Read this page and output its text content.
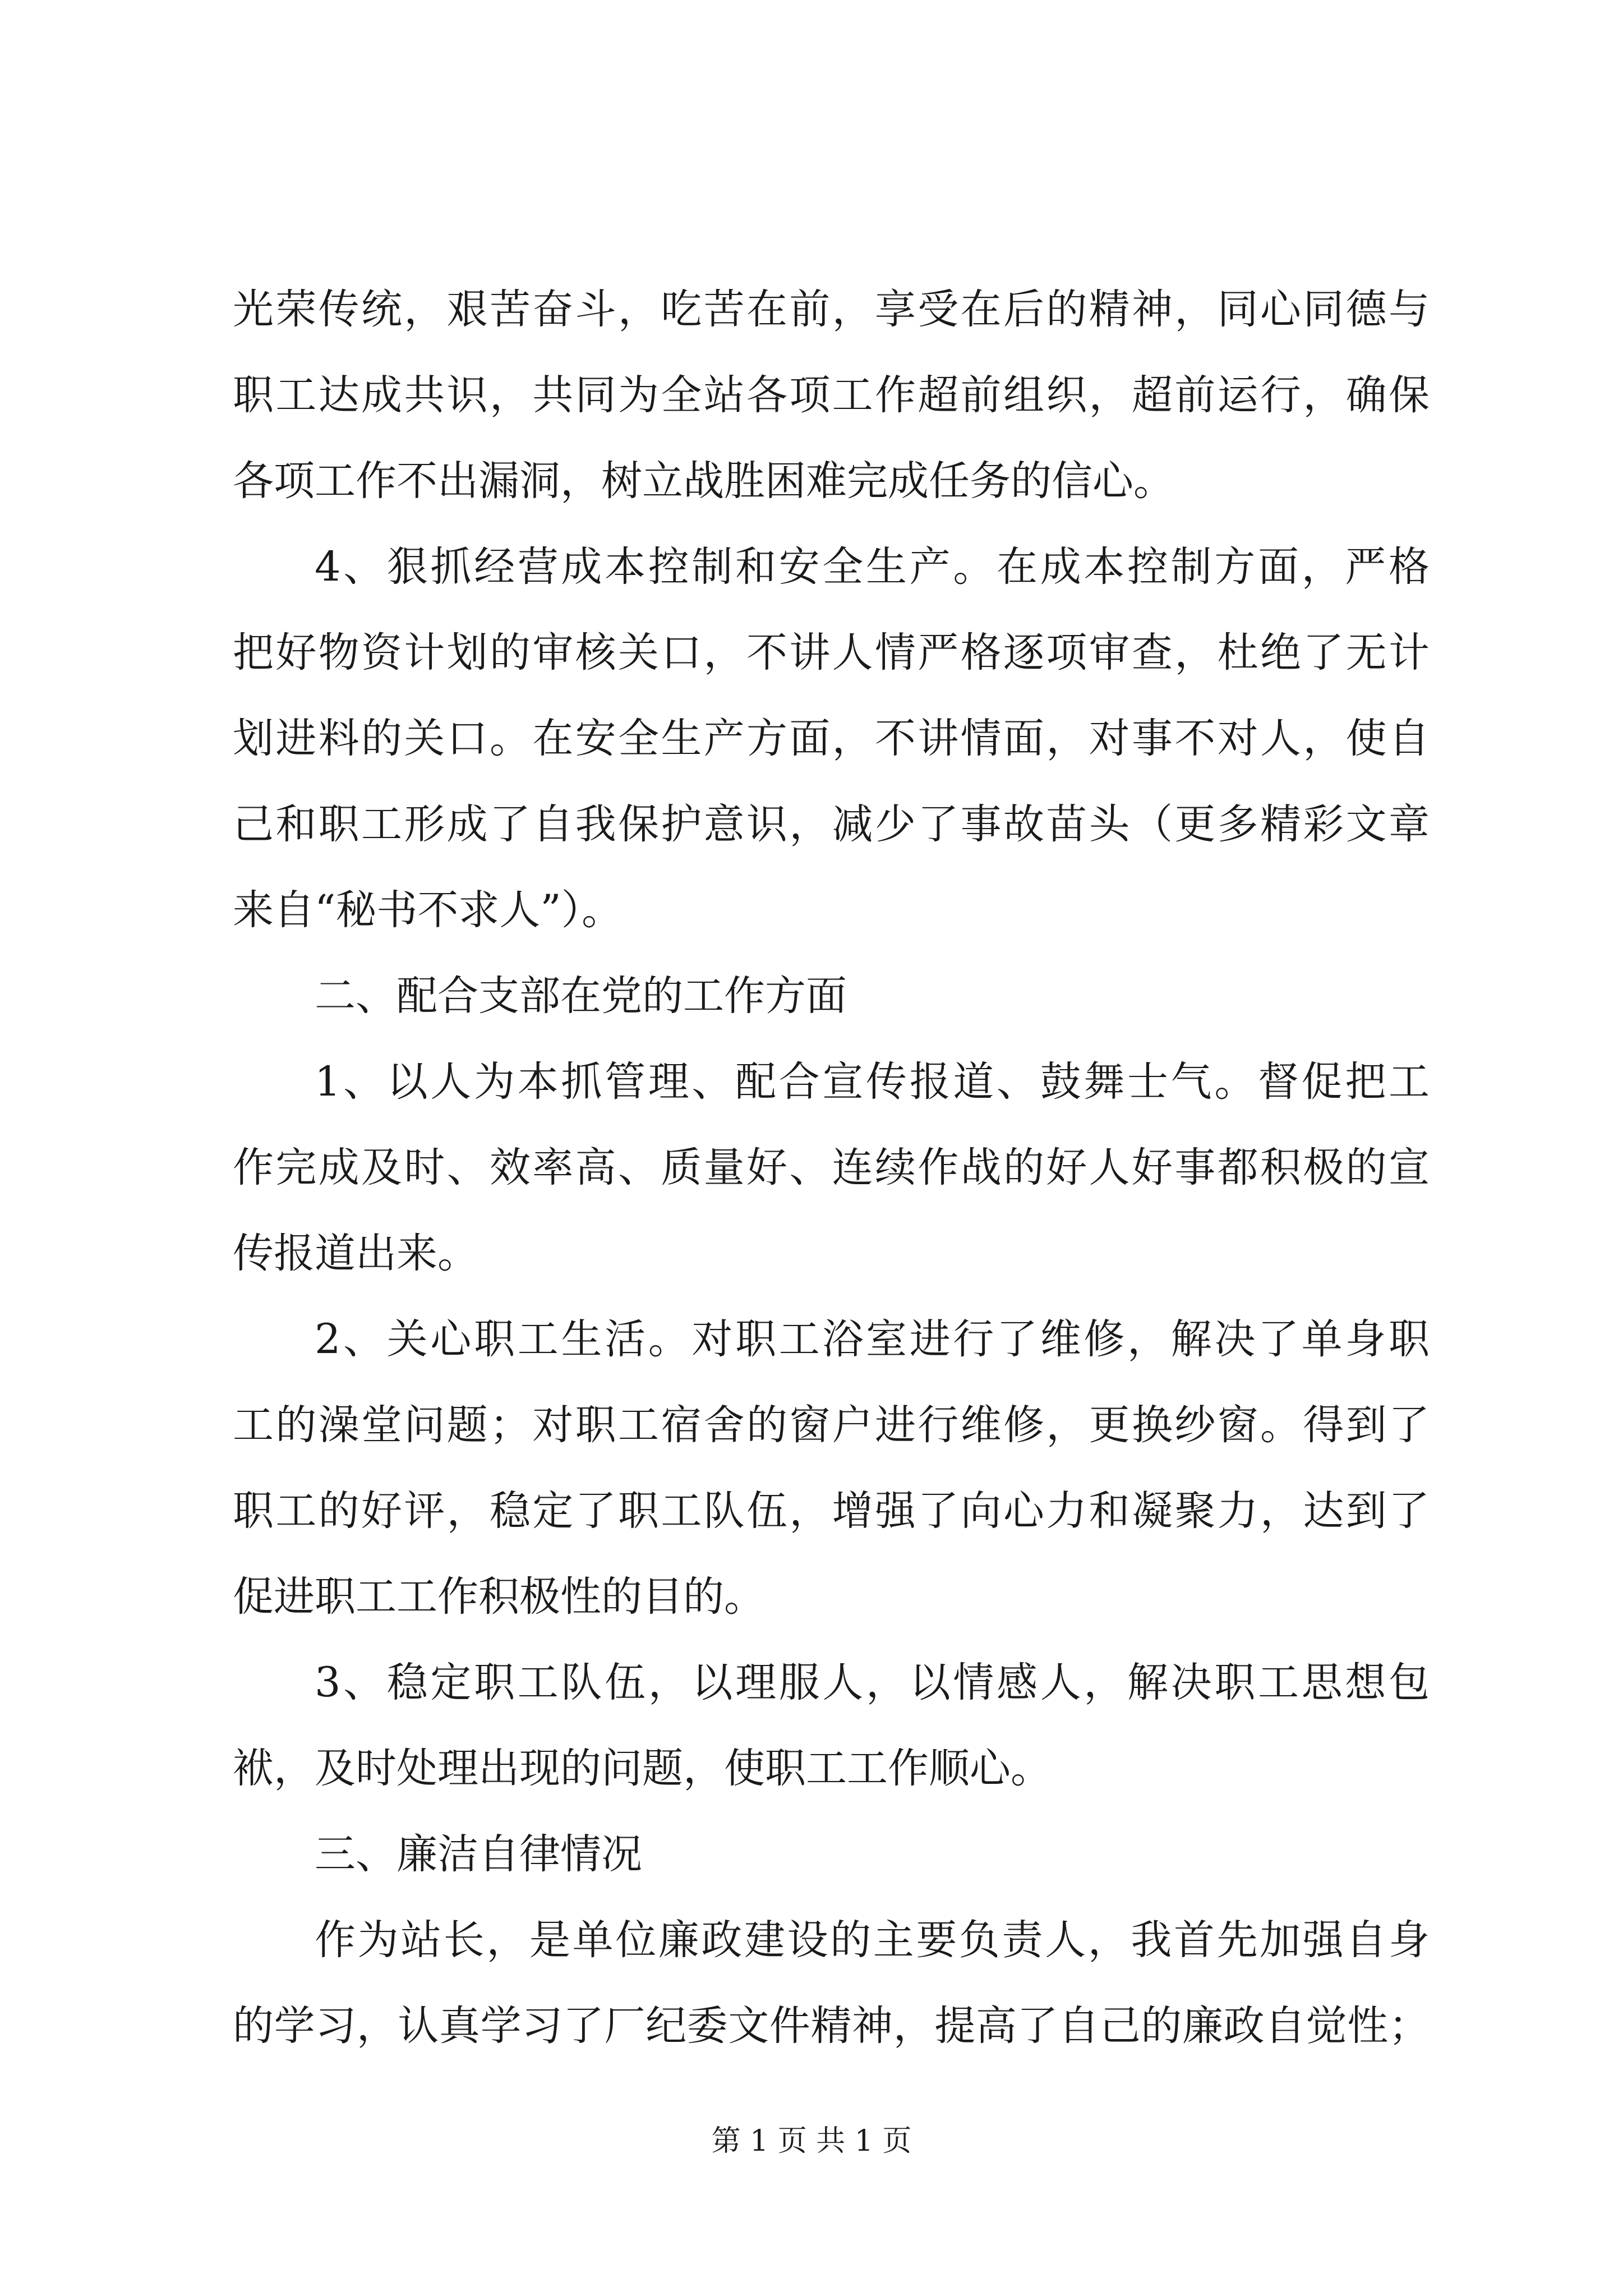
光荣传统，艰苦奋斗，吃苦在前，享受在后的精神，同心同德与
职工达成共识，共同为全站各项工作超前组织，超前运行，确保
各项工作不出漏洞，树立战胜困难完成任务的信心。
4、狠抓经营成本控制和安全生产。在成本控制方面，严格
把好物资计划的审核关口，不讲人情严格逐项审查，杜绝了无计
划进料的关口。在安全生产方面，不讲情面，对事不对人，使自
己和职工形成了自我保护意识，减少了事故苗头（更多精彩文章
来自“秘书不求人”）。
二、配合支部在党的工作方面
1、以人为本抓管理、配合宣传报道、鼓舞士气。督促把工
作完成及时、效率高、质量好、连续作战的好人好事都积极的宣
传报道出来。
2、关心职工生活。对职工浴室进行了维修，解决了单身职
工的澡堂问题；对职工宿舍的窗户进行维修，更换纱窗。得到了
职工的好评，稳定了职工队伍，增强了向心力和凝聚力，达到了
促进职工工作积极性的目的。
3、稳定职工队伍，以理服人，以情感人，解决职工思想包
袱，及时处理出现的问题，使职工工作顺心。
三、廉洁自律情况
作为站长，是单位廉政建设的主要负责人，我首先加强自身
的学习，认真学习了厂纪委文件精神，提高了自己的廉政自觉性；
第 1 页 共 1 页
